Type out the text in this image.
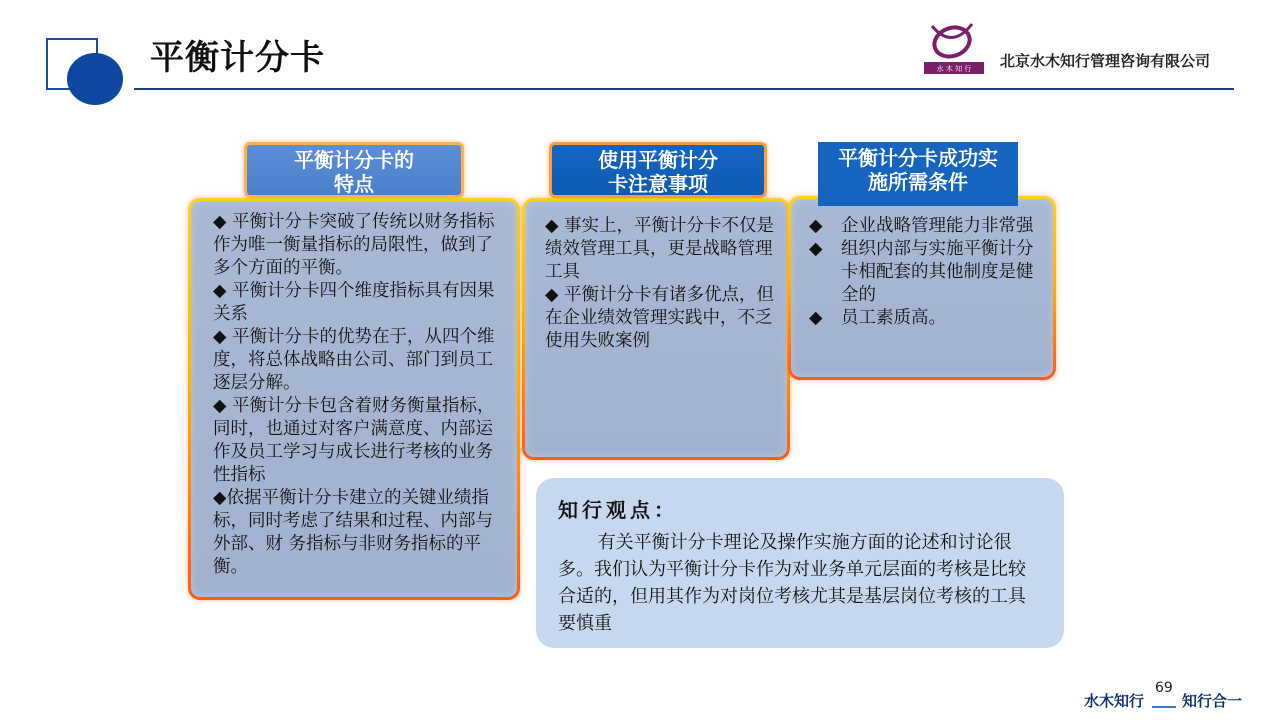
平衡计分卡	水 木 知 行 北京水木知行管理咨询有限公司

◆ 平衡计分卡突破了传统以财务指标作为唯一衡量指标的局限性，做到了多个方面的平衡。

◆ 平衡计分卡四个维度指标具有因果关系

◆ 平衡计分卡的优势在于，从四个维度，将总体战略由公司、部门到员工逐层分解。

◆ 平衡计分卡包含着财务衡量指标，同时，也通过对客户满意度、内部运作及员工学习与成长进行考核的业务性指标

◆依据平衡计分卡建立的关键业绩指标，同时考虑了结果和过程、内部与外部、财 务指标与非财务指标的平衡。

平衡计分卡的
特点

◆ 事实上，平衡计分卡不仅是绩效管理工具，更是战略管理工具

◆ 平衡计分卡有诸多优点，但在企业绩效管理实践中，不乏使用失败案例

使用平衡计分
卡注意事项
◆	企业战略管理能力非常强
◆	组织内部与实施平衡计分卡相配套的其他制度是健全的
◆	员工素质高。
平衡计分卡成功实
施所需条件
知行观点：
有关平衡计分卡理论及操作实施方面的论述和讨论很多。我们认为平衡计分卡作为对业务单元层面的考核是比较合适的，但用其作为对岗位考核尤其是基层岗位考核的工具要慎重
水木知行
69
知行合一
